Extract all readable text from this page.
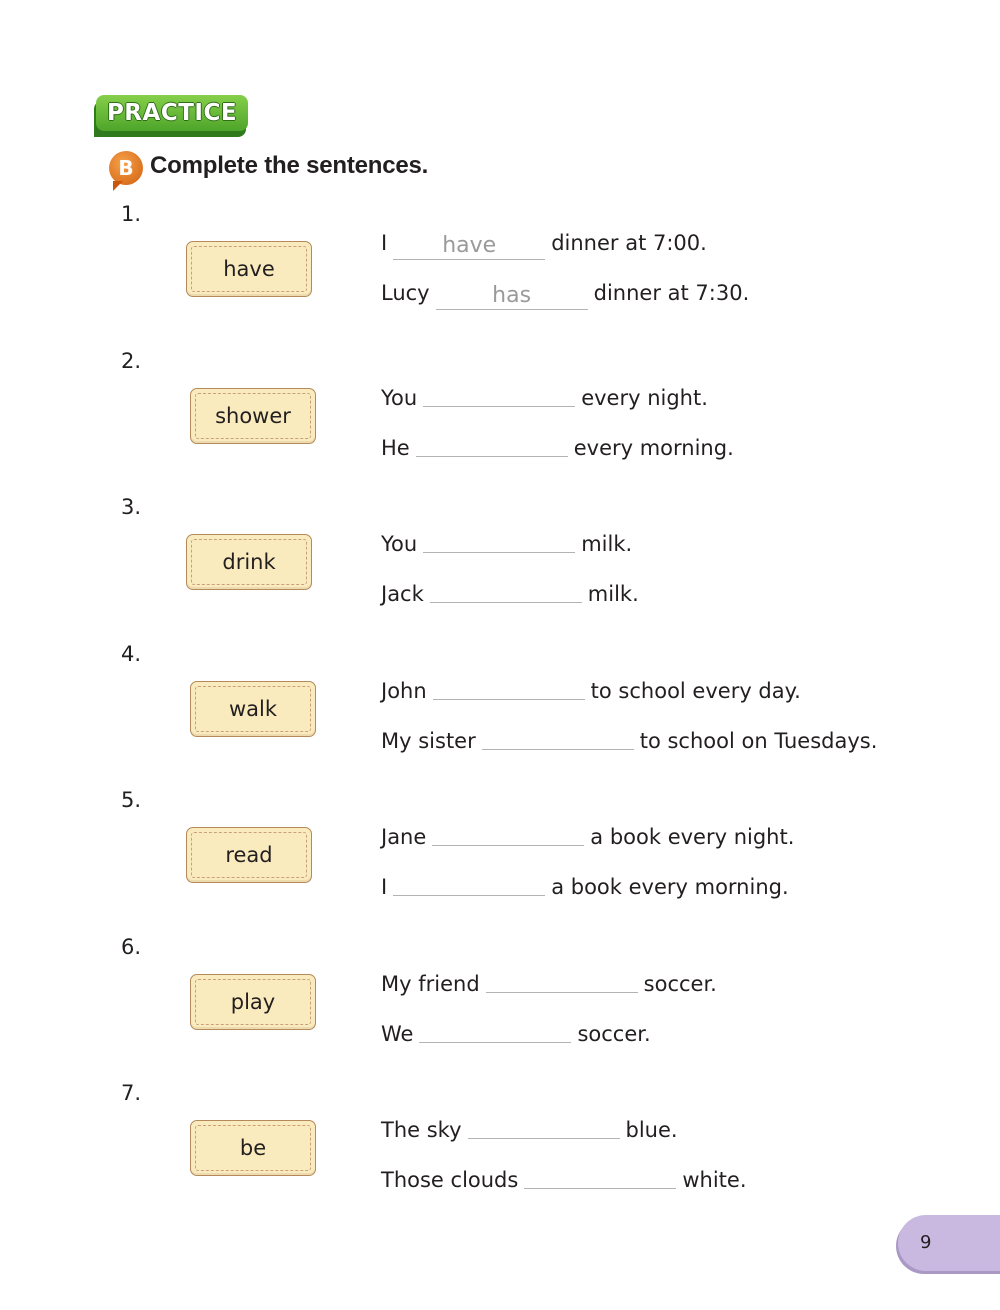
PRACTICE
B Complete the sentences.
1.
have
I	have	dinner at 7:00.
Lucy	has	dinner at 7:30.
2.
shower
You	every night.
He	every morning.
3.
drink
You	milk.
Jack	milk.
4.
walk
John	to school every day.
My sister	to school on Tuesdays.
5.
read
Jane	a book every night.
I	a book every morning.
6.
play
My friend	soccer.
We	soccer.
7.
be
The sky	blue.
Those clouds	white.
9
